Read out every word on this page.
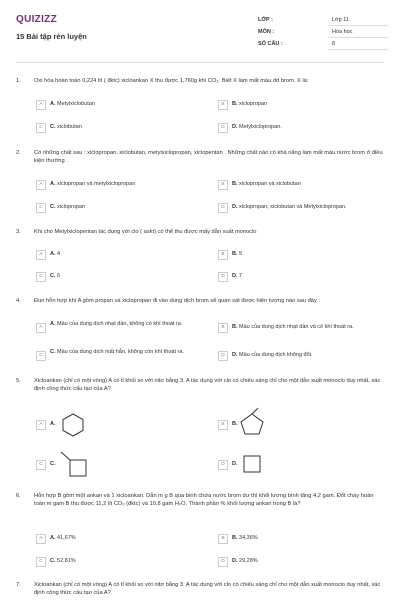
QUIZIZZ
15 Bài tập rèn luyện
LỚP :	Lớp 11
MÔN :	Hóa học
SỐ CÂU :	8
1.	Oxi hóa hoàn toàn 0,224 lít ( đktc) xicloankan X thu được 1,760g khí CO₂. Biết X làm mất màu dd brom. X là:
A	A. Metylxiclobutan	B	B. xiclopropan
C	C. xiclobutan	D	D. Metylxiclopropan.
2.	Có những chất sau : xiclopropan, xiclobutan, metylxiclopropan, xiclopentan . Những chất nào có khả năng làm mất màu nước brom ở điều kiện thường .
A	A. xiclopropan và metylxiclopropan	B	B. xiclopropan và xiclobutan
C	C. xiclopropan	D	D. xiclopropan, xiclobutan và Metylxiclopropan.
3.	Khi cho Metylxiclopentan tác dụng với clo ( askt) có thể thu được mấy dẫn xuất monoclo
A	A. 4	B	B. 5
C	C. 6	D	D. 7
4.	Đun hỗn hợp khí A gồm propan và xiclopropan đi vào dung dịch brom sẽ quan sát được hiện tượng nào sau đây :
A
A. Màu của dung dịch nhạt dần, không có khí thoát ra.
B	B. Màu của dung dịch nhạt dần và có khí thoát ra.
C
C. Màu của dung dịch mất hẳn, không còn khí thoát ra.
D	D. Màu của dung dịch không đổi.
5.	Xicloankan (chỉ có một vòng) A có tỉ khối so với nitơ bằng 3. A tác dụng với clo có chiếu sáng chỉ cho một dẫn xuất monoclo duy nhất, xác định công thức cấu tạo của A?
A	A.	B	B.
C	C.	D	D.
6.	Hỗn hợp B gồm một ankan và 1 xicloankan. Dẫn m g B qua bình chứa nước brom dư thì khối lượng bình tăng 4,2 gam. Đốt cháy hoàn toàn m gam B thu được 11,2 lít CO₂ (đktc) và 10,8 gam H₂O. Thành phần % khối lượng ankan trong B là?
A	A. 41,67%	B	B. 34,36%
C	C. 52,81%	D	D. 29,28%
7.	Xicloankan (chỉ có một vòng) A có tỉ khối so với nitơ bằng 3. A tác dụng với clo có chiếu sáng chỉ cho một dẫn xuất monoclo duy nhất, xác định công thức cấu tạo của A?
